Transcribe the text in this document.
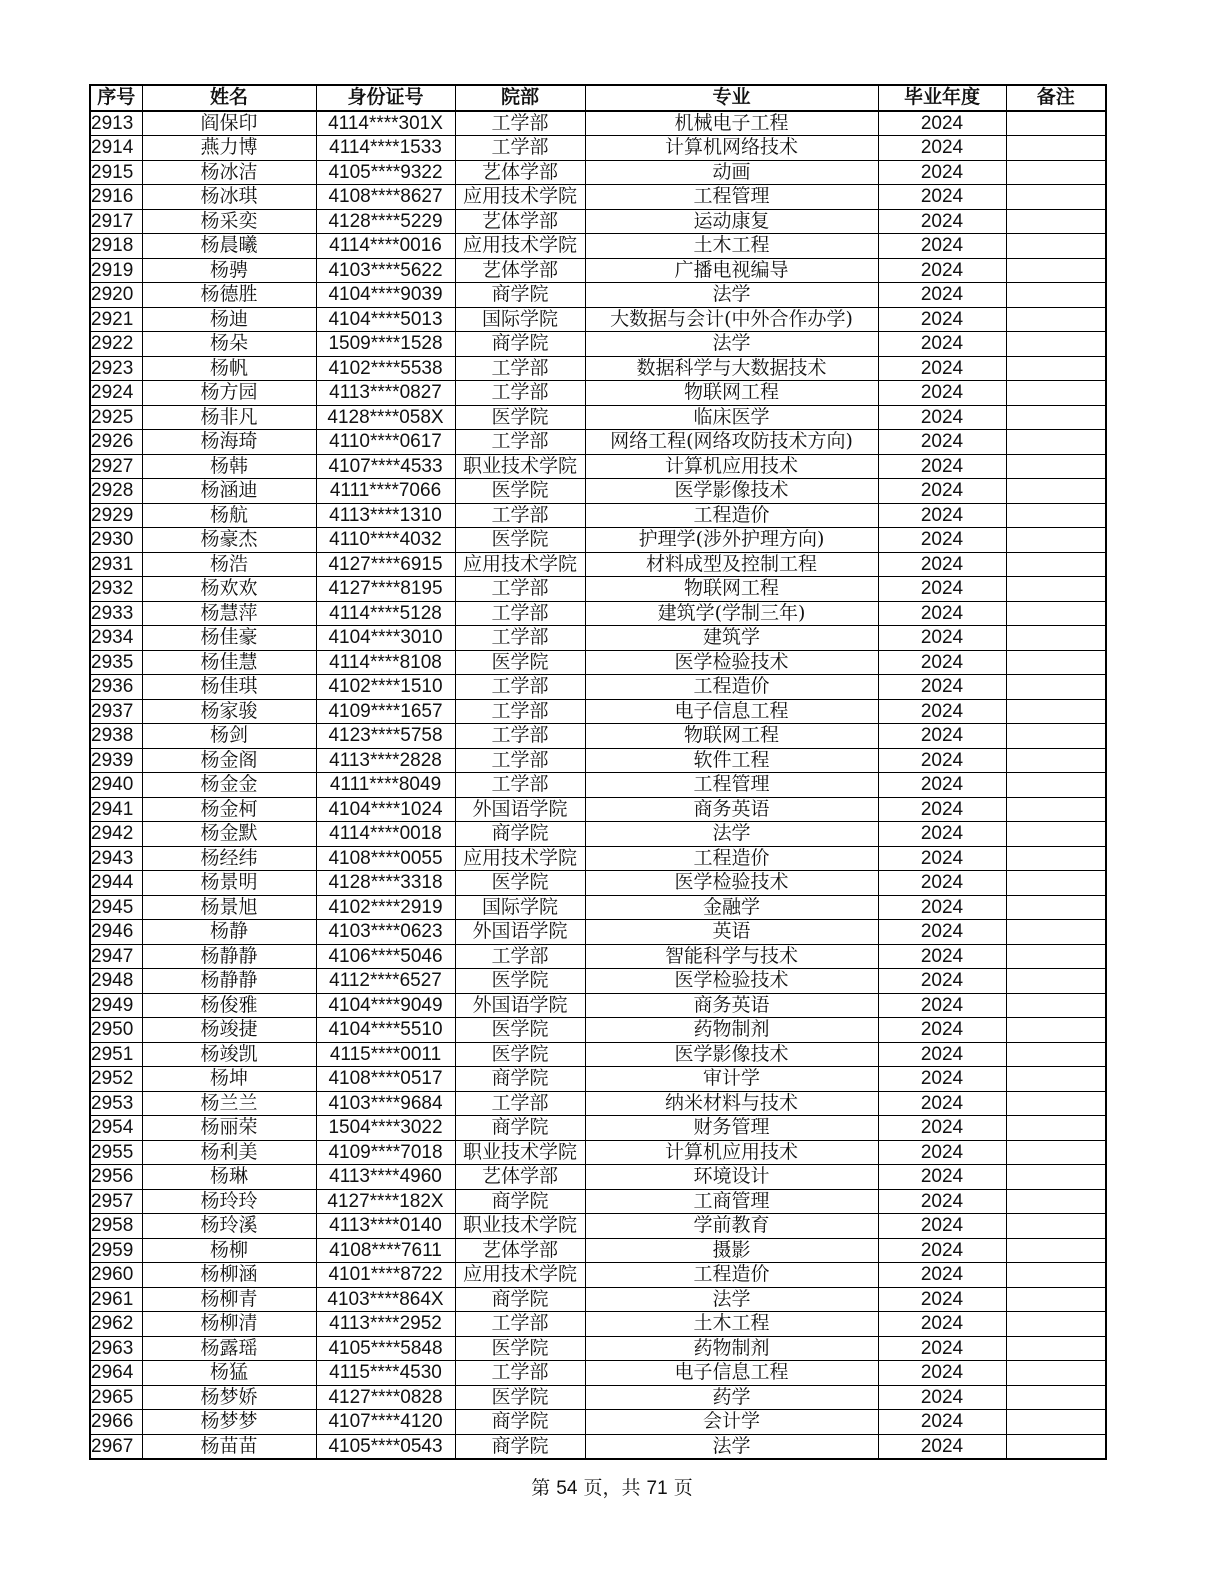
序号	姓名	身份证号	院部	专业	毕业年度	备注
2913	阎保印	4114****301X	工学部	机械电子工程	2024	
2914	燕力博	4114****1533	工学部	计算机网络技术	2024	
2915	杨冰洁	4105****9322	艺体学部	动画	2024	
2916	杨冰琪	4108****8627	应用技术学院	工程管理	2024	
2917	杨采奕	4128****5229	艺体学部	运动康复	2024	
2918	杨晨曦	4114****0016	应用技术学院	土木工程	2024	
2919	杨骋	4103****5622	艺体学部	广播电视编导	2024	
2920	杨德胜	4104****9039	商学院	法学	2024	
2921	杨迪	4104****5013	国际学院	大数据与会计(中外合作办学)	2024	
2922	杨朵	1509****1528	商学院	法学	2024	
2923	杨帆	4102****5538	工学部	数据科学与大数据技术	2024	
2924	杨方园	4113****0827	工学部	物联网工程	2024	
2925	杨非凡	4128****058X	医学院	临床医学	2024	
2926	杨海琦	4110****0617	工学部	网络工程(网络攻防技术方向)	2024	
2927	杨韩	4107****4533	职业技术学院	计算机应用技术	2024	
2928	杨涵迪	4111****7066	医学院	医学影像技术	2024	
2929	杨航	4113****1310	工学部	工程造价	2024	
2930	杨豪杰	4110****4032	医学院	护理学(涉外护理方向)	2024	
2931	杨浩	4127****6915	应用技术学院	材料成型及控制工程	2024	
2932	杨欢欢	4127****8195	工学部	物联网工程	2024	
2933	杨慧萍	4114****5128	工学部	建筑学(学制三年)	2024	
2934	杨佳豪	4104****3010	工学部	建筑学	2024	
2935	杨佳慧	4114****8108	医学院	医学检验技术	2024	
2936	杨佳琪	4102****1510	工学部	工程造价	2024	
2937	杨家骏	4109****1657	工学部	电子信息工程	2024	
2938	杨剑	4123****5758	工学部	物联网工程	2024	
2939	杨金阁	4113****2828	工学部	软件工程	2024	
2940	杨金金	4111****8049	工学部	工程管理	2024	
2941	杨金柯	4104****1024	外国语学院	商务英语	2024	
2942	杨金默	4114****0018	商学院	法学	2024	
2943	杨经纬	4108****0055	应用技术学院	工程造价	2024	
2944	杨景明	4128****3318	医学院	医学检验技术	2024	
2945	杨景旭	4102****2919	国际学院	金融学	2024	
2946	杨静	4103****0623	外国语学院	英语	2024	
2947	杨静静	4106****5046	工学部	智能科学与技术	2024	
2948	杨静静	4112****6527	医学院	医学检验技术	2024	
2949	杨俊雅	4104****9049	外国语学院	商务英语	2024	
2950	杨竣捷	4104****5510	医学院	药物制剂	2024	
2951	杨竣凯	4115****0011	医学院	医学影像技术	2024	
2952	杨坤	4108****0517	商学院	审计学	2024	
2953	杨兰兰	4103****9684	工学部	纳米材料与技术	2024	
2954	杨丽荣	1504****3022	商学院	财务管理	2024	
2955	杨利美	4109****7018	职业技术学院	计算机应用技术	2024	
2956	杨琳	4113****4960	艺体学部	环境设计	2024	
2957	杨玲玲	4127****182X	商学院	工商管理	2024	
2958	杨玲溪	4113****0140	职业技术学院	学前教育	2024	
2959	杨柳	4108****7611	艺体学部	摄影	2024	
2960	杨柳涵	4101****8722	应用技术学院	工程造价	2024	
2961	杨柳青	4103****864X	商学院	法学	2024	
2962	杨柳清	4113****2952	工学部	土木工程	2024	
2963	杨露瑶	4105****5848	医学院	药物制剂	2024	
2964	杨猛	4115****4530	工学部	电子信息工程	2024	
2965	杨梦娇	4127****0828	医学院	药学	2024	
2966	杨梦梦	4107****4120	商学院	会计学	2024	
2967	杨苗苗	4105****0543	商学院	法学	2024	
第 54 页，共 71 页
